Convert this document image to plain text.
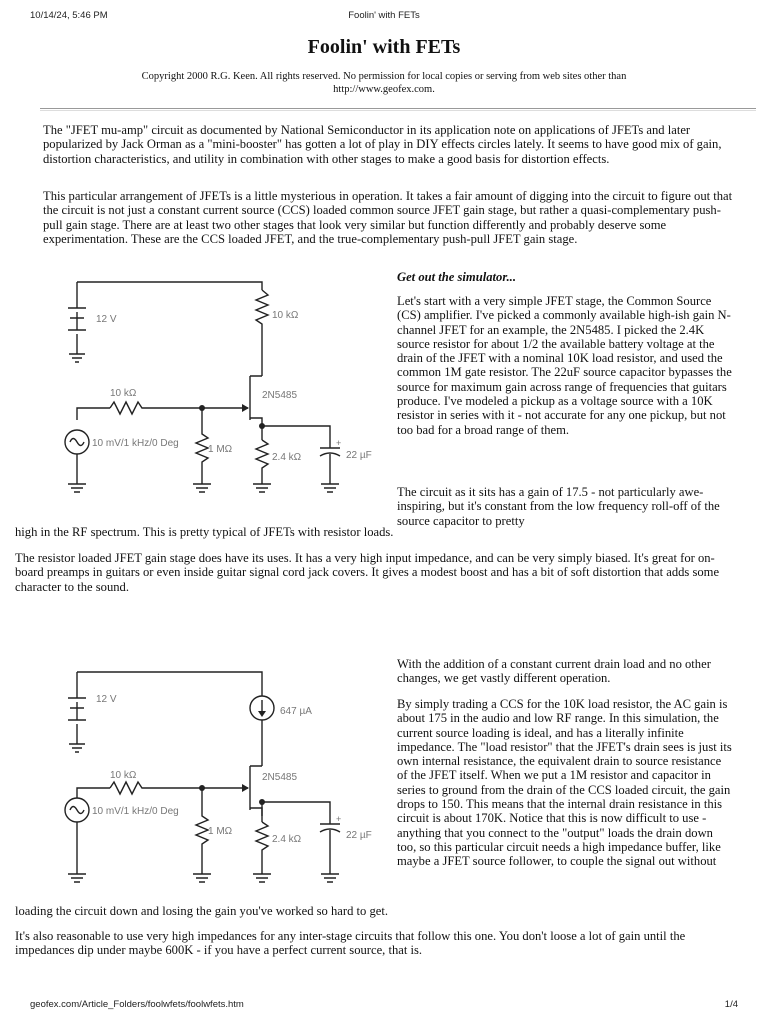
10/14/24, 5:46 PM	Foolin' with FETs
Foolin' with FETs
Copyright 2000 R.G. Keen. All rights reserved. No permission for local copies or serving from web sites other than http://www.geofex.com.

The "JFET mu-amp" circuit as documented by National Semiconductor in its application note on applications of JFETs and later popularized by Jack Orman as a "mini-booster" has gotten a lot of play in DIY effects circles lately. It seems to have good mix of gain, distortion characteristics, and utility in combination with other stages to make a good basis for distortion effects.

This particular arrangement of JFETs is a little mysterious in operation. It takes a fair amount of digging into the circuit to figure out that the circuit is not just a constant current source (CCS) loaded common source JFET gain stage, but rather a quasi-complementary push-pull gain stage. There are at least two other stages that look very similar but function differently and probably deserve some experimentation. These are the CCS loaded JFET, and the true-complementary push-pull JFET gain stage.

12 V	10 kΩ
2N5485
10 kΩ
10 mV/1 kHz/0 Deg
1 MΩ
2.4 kΩ
+
22 µF

Get out the simulator...

Let's start with a very simple JFET stage, the Common Source (CS) amplifier. I've picked a commonly available high-ish gain N-channel JFET for an example, the 2N5485. I picked the 2.4K source resistor for about 1/2 the available battery voltage at the drain of the JFET with a nominal 10K load resistor, and used the common 1M gate resistor. The 22uF source capacitor bypasses the source for maximum gain across range of frequencies that guitars produce. I've modeled a pickup as a voltage source with a 10K resistor in series with it - not accurate for any one pickup, but not too bad for a broad range of them.

The circuit as it sits has a gain of 17.5 - not particularly awe-inspiring, but it's constant from the low frequency roll-off of the source capacitor to pretty

high in the RF spectrum. This is pretty typical of JFETs with resistor loads.

The resistor loaded JFET gain stage does have its uses. It has a very high input impedance, and can be very simply biased. It's great for on-board preamps in guitars or even inside guitar signal cord jack covers. It gives a modest boost and has a bit of soft distortion that adds some character to the sound.

12 V
647 µA
2N5485
10 kΩ
10 mV/1 kHz/0 Deg
1 MΩ
2.4 kΩ
+
22 µF

With the addition of a constant current drain load and no other changes, we get vastly different operation.

By simply trading a CCS for the 10K load resistor, the AC gain is about 175 in the audio and low RF range. In this simulation, the current source loading is ideal, and has a literally infinite impedance. The "load resistor" that the JFET's drain sees is just its own internal resistance, the equivalent drain to source resistance of the JFET itself. When we put a 1M resistor and capacitor in series to ground from the drain of the CCS loaded circuit, the gain drops to 150. This means that the internal drain resistance in this circuit is about 170K. Notice that this is now difficult to use - anything that you connect to the "output" loads the drain down too, so this particular circuit needs a high impedance buffer, like maybe a JFET source follower, to couple the signal out without

loading the circuit down and losing the gain you've worked so hard to get.

It's also reasonable to use very high impedances for any inter-stage circuits that follow this one. You don't loose a lot of gain until the impedances dip under maybe 600K - if you have a perfect current source, that is.

geofex.com/Article_Folders/foolwfets/foolwfets.htm	1/4
